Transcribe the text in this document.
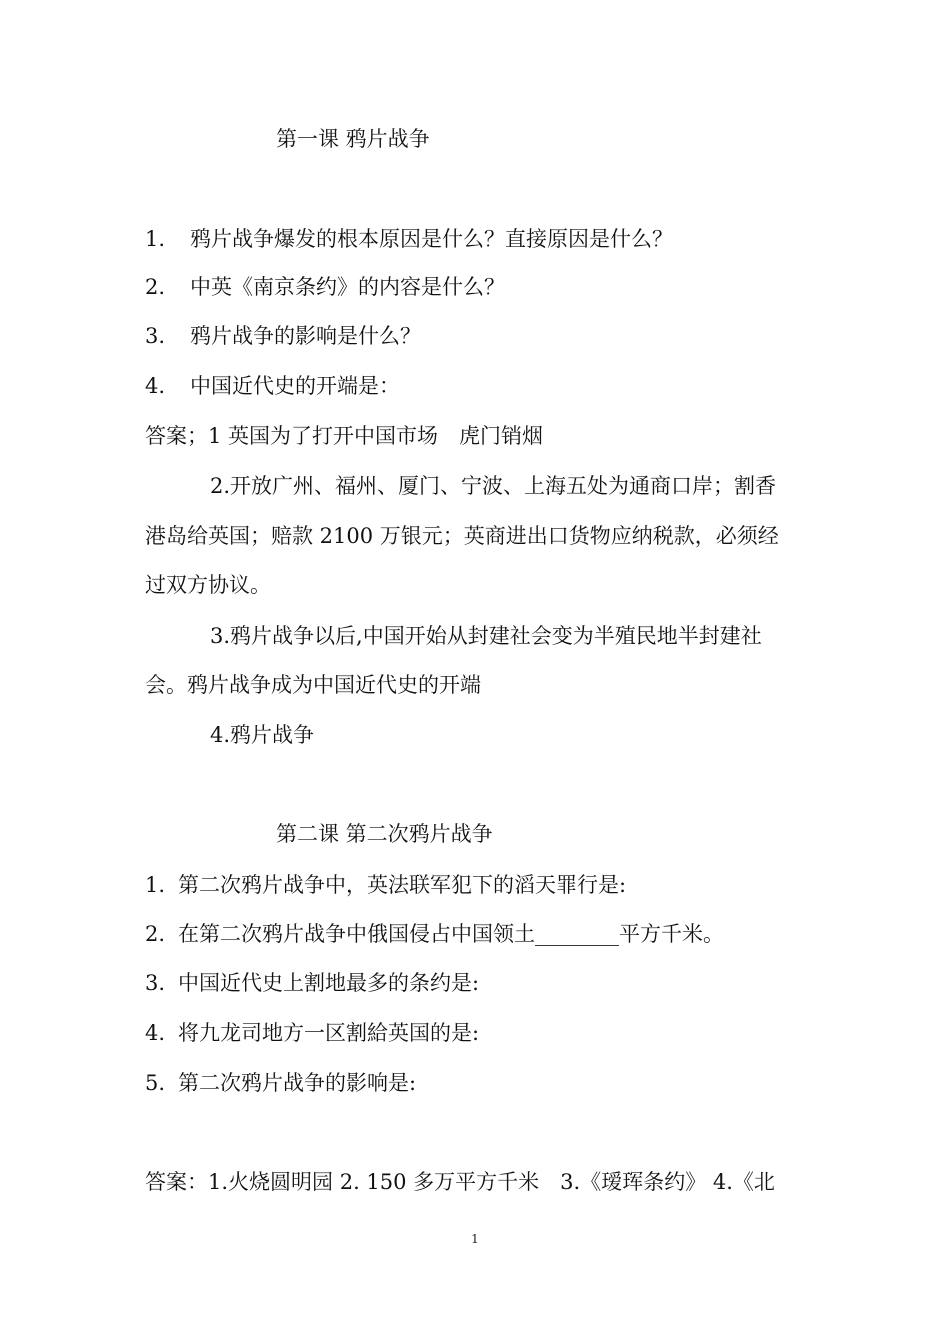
第一课 鸦片战争
1. 鸦片战争爆发的根本原因是什么？直接原因是什么？
2. 中英《南京条约》的内容是什么？
3. 鸦片战争的影响是什么？
4. 中国近代史的开端是：
答案；1 英国为了打开中国市场　虎门销烟
2.开放广州、福州、厦门、宁波、上海五处为通商口岸；割香
港岛给英国；赔款 2100 万银元；英商进出口货物应纳税款，必须经
过双方协议。
3.鸦片战争以后,中国开始从封建社会变为半殖民地半封建社
会。鸦片战争成为中国近代史的开端
4.鸦片战争
第二课 第二次鸦片战争
1. 第二次鸦片战争中，英法联军犯下的滔天罪行是:
2. 在第二次鸦片战争中俄国侵占中国领土________平方千米。
3. 中国近代史上割地最多的条约是:
4. 将九龙司地方一区割給英国的是:
5. 第二次鸦片战争的影响是:
答案：1.火烧圆明园 2. 150 多万平方千米　3.《瑷珲条约》 4.《北
1
